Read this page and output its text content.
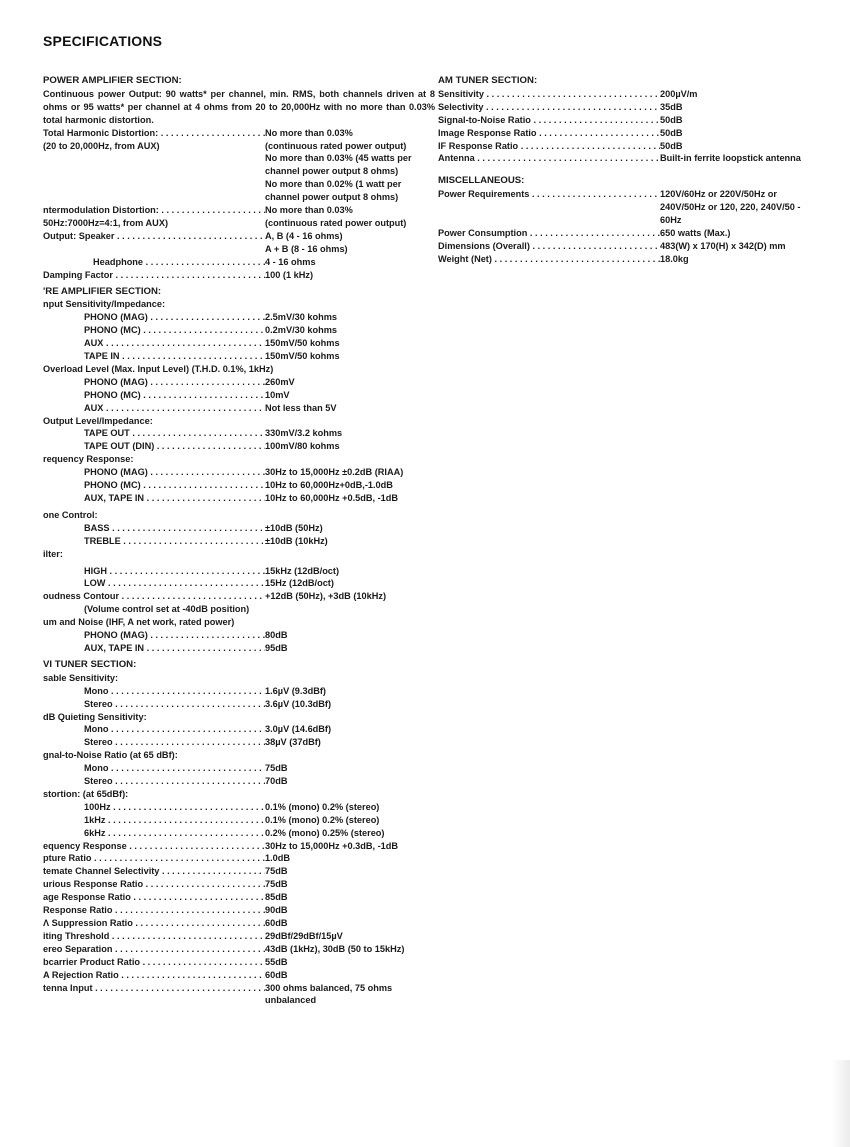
SPECIFICATIONS
POWER AMPLIFIER SECTION:
Continuous power Output: 90 watts* per channel, min. RMS, both channels driven at 8 ohms or 95 watts* per channel at 4 ohms from 20 to 20,000Hz with no more than 0.03% total harmonic distortion.
Total Harmonic Distortion: . . .	No more than 0.03%
(20 to 20,000Hz, from AUX)	(continuous rated power output)
No more than 0.03% (45 watts per channel power output 8 ohms)
No more than 0.02% (1 watt per channel power output 8 ohms)
ntermodulation Distortion: . . .	No more than 0.03%
50Hz:7000Hz=4:1, from AUX)	(continuous rated power output)
Output: Speaker . . .	A, B (4 - 16 ohms)
A + B (8 - 16 ohms)
Headphone . . .	4 - 16 ohms
Damping Factor . . .	100 (1 kHz)
'RE AMPLIFIER SECTION:
nput Sensitivity/Impedance:
PHONO (MAG) . . .	2.5mV/30 kohms
PHONO (MC) . . .	0.2mV/30 kohms
AUX . . .	150mV/50 kohms
TAPE IN . . .	150mV/50 kohms
Overload Level (Max. Input Level) (T.H.D. 0.1%, 1kHz)
PHONO (MAG) . . .	260mV
PHONO (MC) . . .	10mV
AUX . . .	Not less than 5V
Output Level/Impedance:
TAPE OUT . . .	330mV/3.2 kohms
TAPE OUT (DIN) . . .	100mV/80 kohms
requency Response:
PHONO (MAG) . . .	30Hz to 15,000Hz ±0.2dB (RIAA)
PHONO (MC) . . .	10Hz to 60,000Hz+0dB,-1.0dB
AUX, TAPE IN . . .	10Hz to 60,000Hz +0.5dB, -1dB
one Control:
BASS . . .	±10dB (50Hz)
TREBLE . . .	±10dB (10kHz)
ilter:
HIGH . . .	15kHz (12dB/oct)
LOW . . .	15Hz (12dB/oct)
oudness Contour . . .	+12dB (50Hz), +3dB (10kHz)
(Volume control set at -40dB position)
um and Noise (IHF, A net work, rated power)
PHONO (MAG) . . .	80dB
AUX, TAPE IN . . .	95dB
VI TUNER SECTION:
sable Sensitivity:
Mono . . .	1.6µV (9.3dBf)
Stereo . . .	3.6µV (10.3dBf)
dB Quieting Sensitivity:
Mono . . .	3.0µV (14.6dBf)
Stereo . . .	38µV (37dBf)
gnal-to-Noise Ratio (at 65 dBf):
Mono . . .	75dB
Stereo . . .	70dB
stortion: (at 65dBf):
100Hz . . .	0.1% (mono) 0.2% (stereo)
1kHz . . .	0.1% (mono) 0.2% (stereo)
6kHz . . .	0.2% (mono) 0.25% (stereo)
equency Response . . .	30Hz to 15,000Hz +0.3dB, -1dB
pture Ratio . . .	1.0dB
temate Channel Selectivity . . .	75dB
urious Response Ratio . . .	75dB
age Response Ratio . . .	85dB
Response Ratio . . .	90dB
Λ Suppression Ratio . . .	60dB
iting Threshold . . .	29dBf/29dBf/15µV
ereo Separation . . .	43dB (1kHz), 30dB (50 to 15kHz)
bcarrier Product Ratio . . .	55dB
A Rejection Ratio . . .	60dB
tenna Input . . .	300 ohms balanced, 75 ohms unbalanced
AM TUNER SECTION:
Sensitivity . . .	200µV/m
Selectivity . . .	35dB
Signal-to-Noise Ratio . . .	50dB
Image Response Ratio . . .	50dB
IF Response Ratio . . .	50dB
Antenna . . .	Built-in ferrite loopstick antenna
MISCELLANEOUS:
Power Requirements . . .	120V/60Hz or 220V/50Hz or 240V/50Hz or 120, 220, 240V/50 - 60Hz
Power Consumption . . .	650 watts (Max.)
Dimensions (Overall) . . .	483(W) x 170(H) x 342(D) mm
Weight (Net) . . .	18.0kg
